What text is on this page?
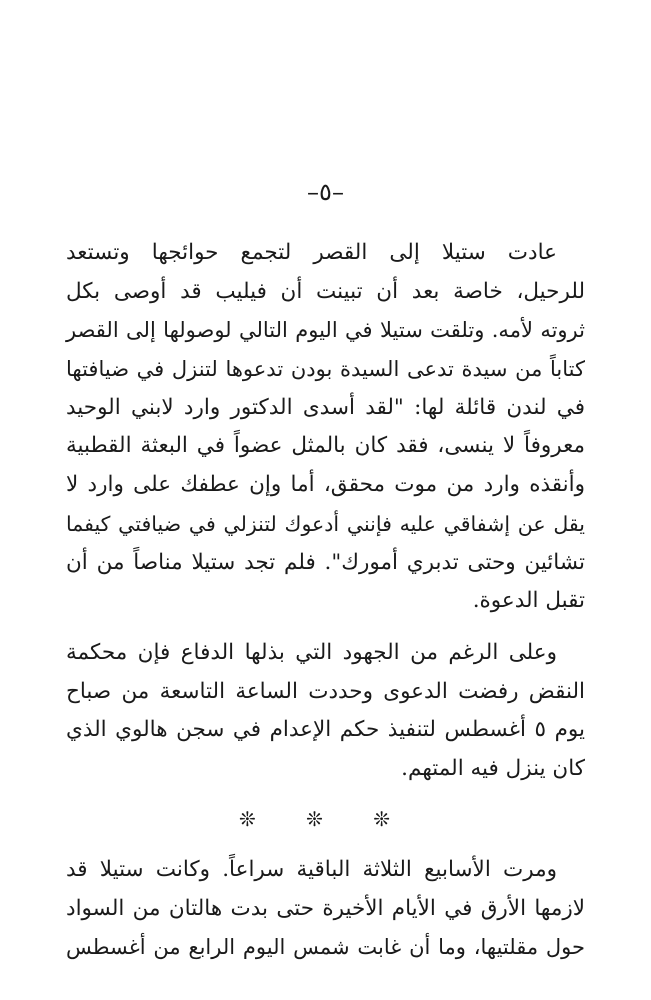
–٥–
عادت ستيلا إلى القصر لتجمع حوائجها وتستعد
للرحيل، خاصة بعد أن تبينت أن فيليب قد أوصى بكل
ثروته لأمه. وتلقت ستيلا في اليوم التالي لوصولها إلى القصر
كتاباً من سيدة تدعى السيدة بودن تدعوها لتنزل في ضيافتها
في لندن قائلة لها: "لقد أسدى الدكتور وارد لابني الوحيد
معروفاً لا ينسى، فقد كان بالمثل عضواً في البعثة القطبية
وأنقذه وارد من موت محقق، أما وإن عطفك على وارد لا
يقل عن إشفاقي عليه فإنني أدعوك لتنزلي في ضيافتي كيفما
تشائين وحتى تدبري أمورك". فلم تجد ستيلا مناصاً من أن
تقبل الدعوة.
وعلى الرغم من الجهود التي بذلها الدفاع فإن محكمة
النقض رفضت الدعوى وحددت الساعة التاسعة من صباح
يوم ٥ أغسطس لتنفيذ حكم الإعدام في سجن هالوي الذي
كان ينزل فيه المتهم.
❊ ❊ ❊
ومرت الأسابيع الثلاثة الباقية سراعاً. وكانت ستيلا قد
لازمها الأرق في الأيام الأخيرة حتى بدت هالتان من السواد
حول مقلتيها، وما أن غابت شمس اليوم الرابع من أغسطس
